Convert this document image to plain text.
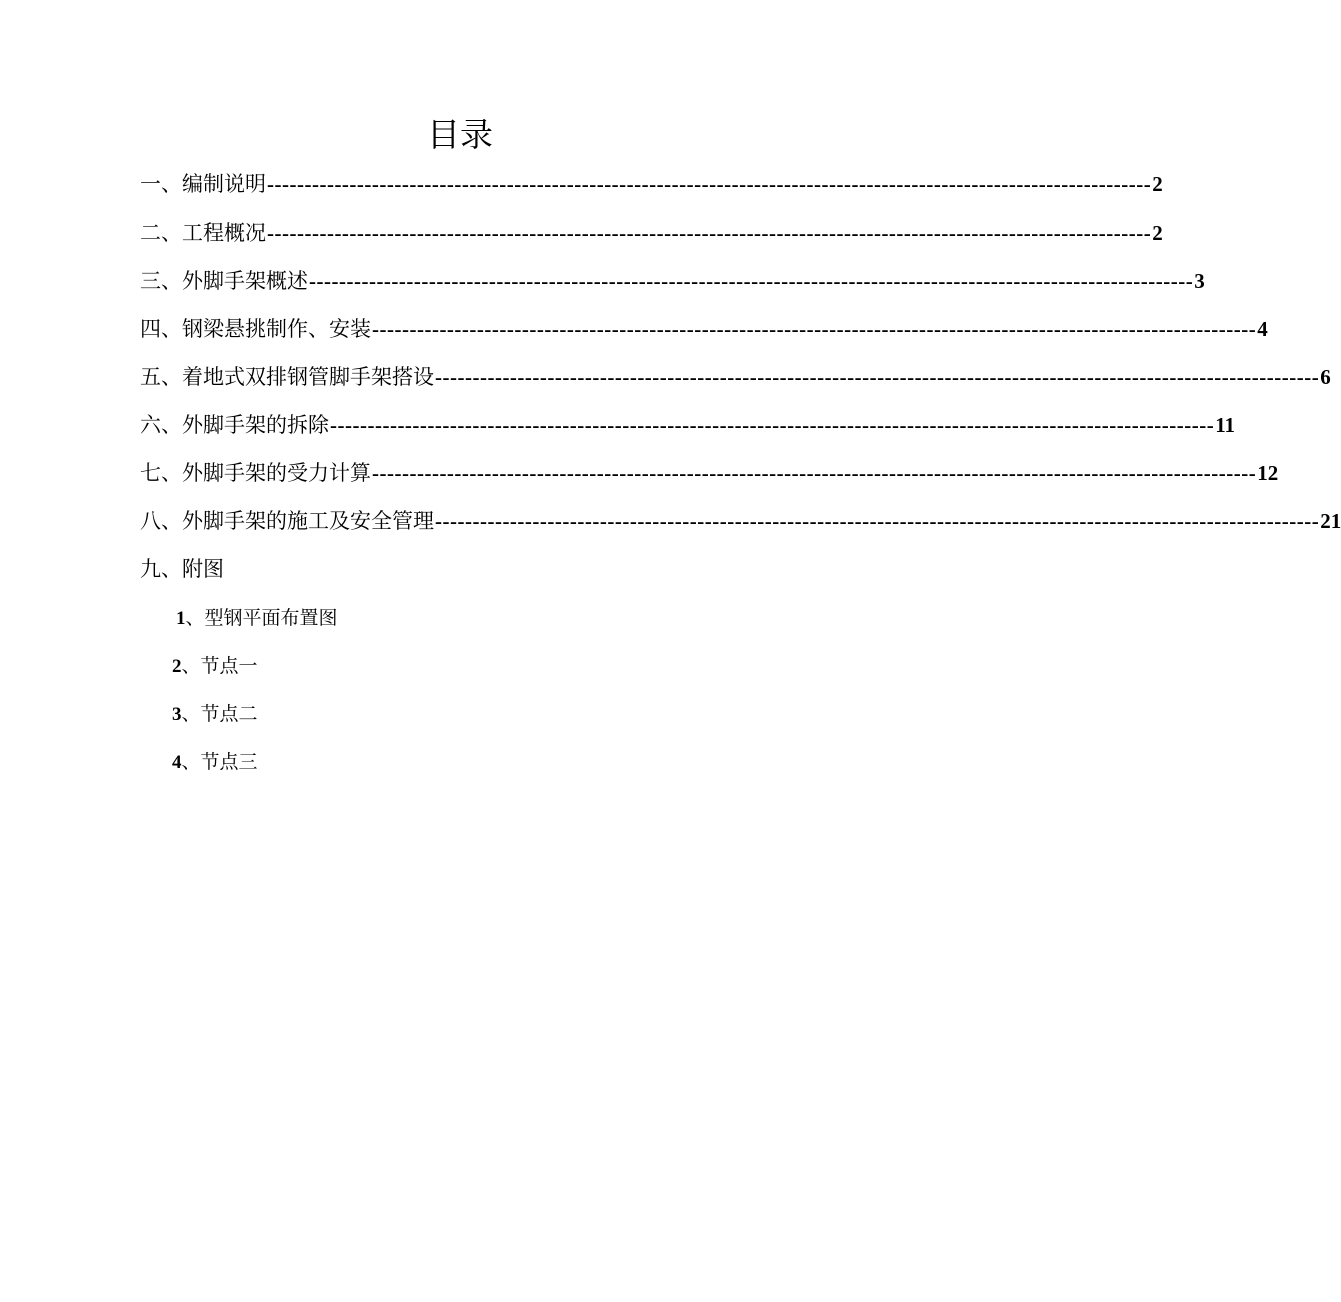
目录
一、编制说明 ---------------------------------------------------------------------------------------------------------------------- 2
二、工程概况 ---------------------------------------------------------------------------------------------------------------------- 2
三、外脚手架概述 ---------------------------------------------------------------------------------------------------------------------- 3
四、钢梁悬挑制作、安装 ---------------------------------------------------------------------------------------------------------------------- 4
五、着地式双排钢管脚手架搭设 ---------------------------------------------------------------------------------------------------------------------- 6
六、外脚手架的拆除 ---------------------------------------------------------------------------------------------------------------------- 11
七、外脚手架的受力计算 ---------------------------------------------------------------------------------------------------------------------- 12
八、外脚手架的施工及安全管理 ---------------------------------------------------------------------------------------------------------------------- 21
九、附图
1、型钢平面布置图
2、节点一
3、节点二
4、节点三
